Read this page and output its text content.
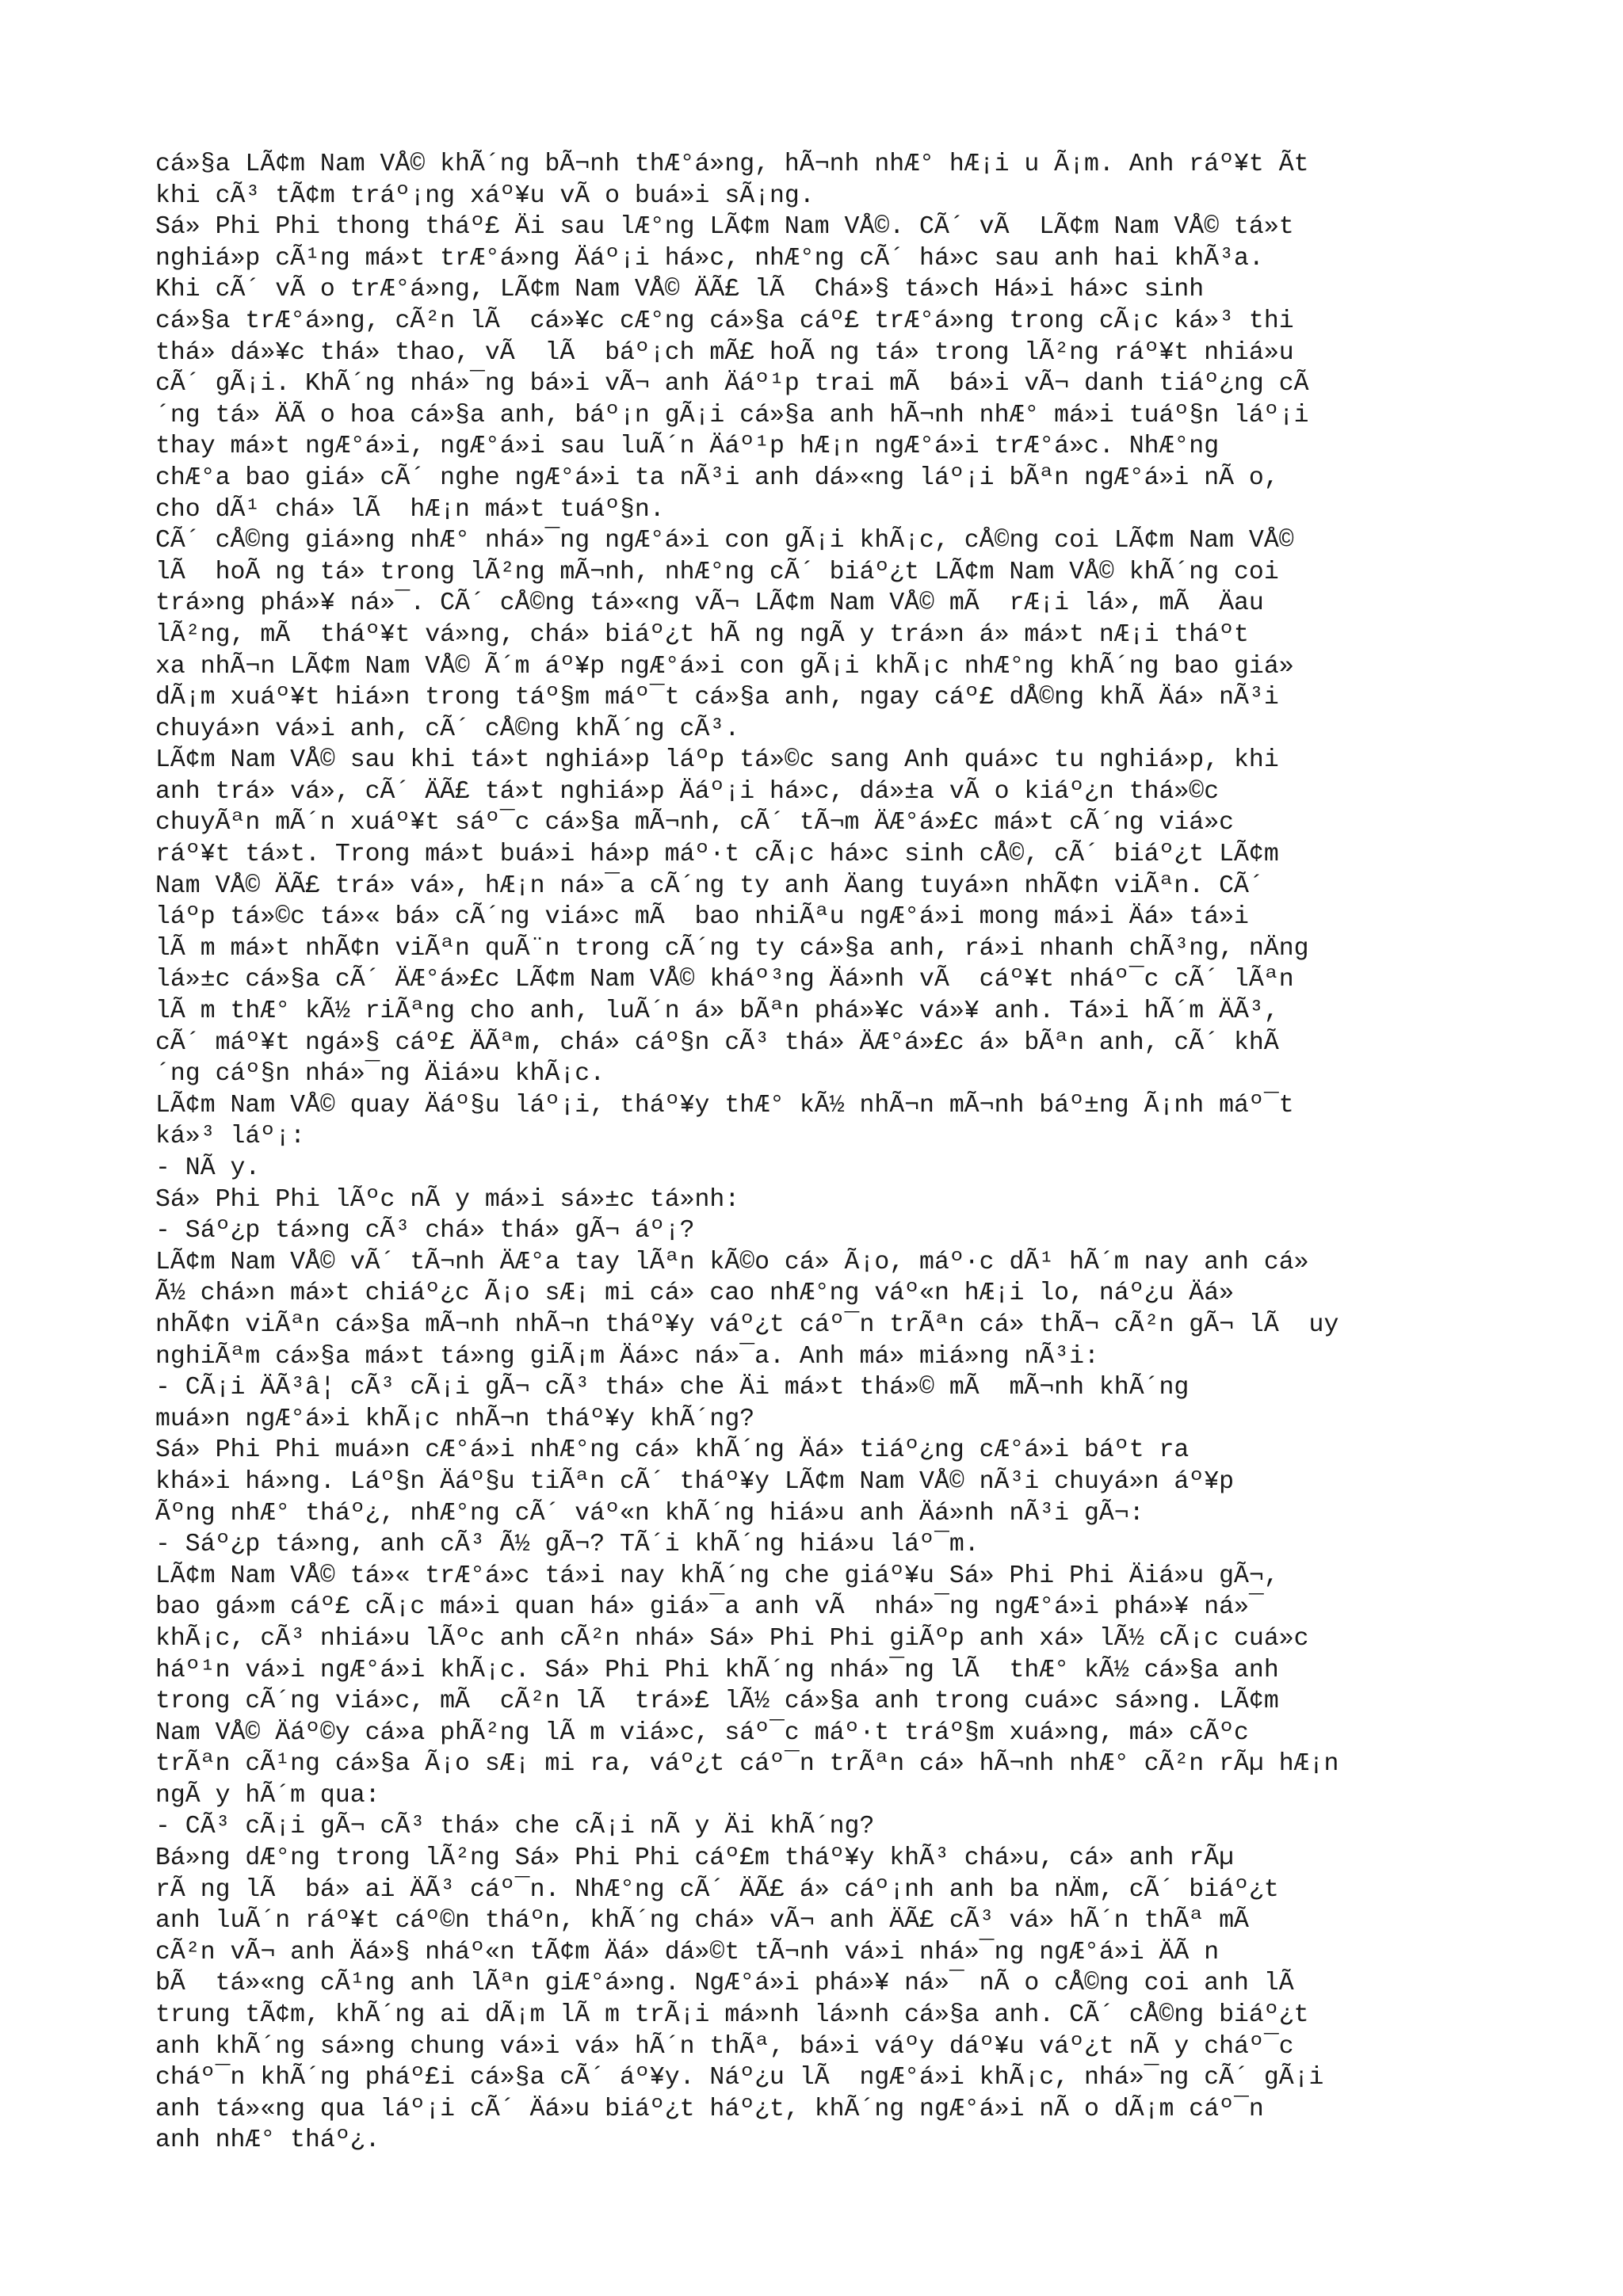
cá»§a LÃ¢m Nam VÅ© khÃ´ng bÃ¬nh thÆ°á»ng, hÃ¬nh nhÆ° hÆ¡i u Ã¡m. Anh ráº¥t Ãt
khi cÃ³ tÃ¢m tráº¡ng xáº¥u vÃ o buá»i sÃ¡ng.
Sá» Phi Phi thong tháº£ Äi sau lÆ°ng LÃ¢m Nam VÅ©. CÃ´ vÃ  LÃ¢m Nam VÅ© tá»t
nghiá»p cÃ¹ng má»t trÆ°á»ng Äáº¡i há»c, nhÆ°ng cÃ´ há»c sau anh hai khÃ³a.
Khi cÃ´ vÃ o trÆ°á»ng, LÃ¢m Nam VÅ© ÄÃ£ lÃ  Chá»§ tá»ch Há»i há»c sinh
cá»§a trÆ°á»ng, cÃ²n lÃ  cá»¥c cÆ°ng cá»§a cáº£ trÆ°á»ng trong cÃ¡c ká»³ thi
thá» dá»¥c thá» thao, vÃ  lÃ  báº¡ch mÃ£ hoÃ ng tá» trong lÃ²ng ráº¥t nhiá»u
cÃ´ gÃ¡i. KhÃ´ng nhá»¯ng bá»i vÃ¬ anh Äáº¹p trai mÃ  bá»i vÃ¬ danh tiáº¿ng cÃ
´ng tá» ÄÃ o hoa cá»§a anh, báº¡n gÃ¡i cá»§a anh hÃ¬nh nhÆ° má»i tuáº§n láº¡i
thay má»t ngÆ°á»i, ngÆ°á»i sau luÃ´n Äáº¹p hÆ¡n ngÆ°á»i trÆ°á»c. NhÆ°ng
chÆ°a bao giá» cÃ´ nghe ngÆ°á»i ta nÃ³i anh dá»«ng láº¡i bÃªn ngÆ°á»i nÃ o,
cho dÃ¹ chá» lÃ  hÆ¡n má»t tuáº§n.
CÃ´ cÅ©ng giá»ng nhÆ° nhá»¯ng ngÆ°á»i con gÃ¡i khÃ¡c, cÅ©ng coi LÃ¢m Nam VÅ©
lÃ  hoÃ ng tá» trong lÃ²ng mÃ¬nh, nhÆ°ng cÃ´ biáº¿t LÃ¢m Nam VÅ© khÃ´ng coi
trá»ng phá»¥ ná»¯. CÃ´ cÅ©ng tá»«ng vÃ¬ LÃ¢m Nam VÅ© mÃ  rÆ¡i lá», mÃ  Äau
lÃ²ng, mÃ  tháº¥t vá»ng, chá» biáº¿t hÃ ng ngÃ y trá»n á» má»t nÆ¡i tháºt
xa nhÃ¬n LÃ¢m Nam VÅ© Ã´m áº¥p ngÆ°á»i con gÃ¡i khÃ¡c nhÆ°ng khÃ´ng bao giá»
dÃ¡m xuáº¥t hiá»n trong táº§m máº¯t cá»§a anh, ngay cáº£ dÅ©ng khÃ Äá» nÃ³i
chuyá»n vá»i anh, cÃ´ cÅ©ng khÃ´ng cÃ³.
LÃ¢m Nam VÅ© sau khi tá»t nghiá»p láºp tá»©c sang Anh quá»c tu nghiá»p, khi
anh trá» vá», cÃ´ ÄÃ£ tá»t nghiá»p Äáº¡i há»c, dá»±a vÃ o kiáº¿n thá»©c
chuyÃªn mÃ´n xuáº¥t sáº¯c cá»§a mÃ¬nh, cÃ´ tÃ¬m ÄÆ°á»£c má»t cÃ´ng viá»c
ráº¥t tá»t. Trong má»t buá»i há»p máº·t cÃ¡c há»c sinh cÅ©, cÃ´ biáº¿t LÃ¢m
Nam VÅ© ÄÃ£ trá» vá», hÆ¡n ná»¯a cÃ´ng ty anh Äang tuyá»n nhÃ¢n viÃªn. CÃ´
láºp tá»©c tá»« bá» cÃ´ng viá»c mÃ  bao nhiÃªu ngÆ°á»i mong má»i Äá» tá»i
lÃ m má»t nhÃ¢n viÃªn quÃ¨n trong cÃ´ng ty cá»§a anh, rá»i nhanh chÃ³ng, nÄng
lá»±c cá»§a cÃ´ ÄÆ°á»£c LÃ¢m Nam VÅ© kháº³ng Äá»nh vÃ  cáº¥t nháº¯c cÃ´ lÃªn
lÃ m thÆ° kÃ½ riÃªng cho anh, luÃ´n á» bÃªn phá»¥c vá»¥ anh. Tá»i hÃ´m ÄÃ³,
cÃ´ máº¥t ngá»§ cáº£ ÄÃªm, chá» cáº§n cÃ³ thá» ÄÆ°á»£c á» bÃªn anh, cÃ´ khÃ
´ng cáº§n nhá»¯ng Äiá»u khÃ¡c.
LÃ¢m Nam VÅ© quay Äáº§u láº¡i, tháº¥y thÆ° kÃ½ nhÃ¬n mÃ¬nh báº±ng Ã¡nh máº¯t
ká»³ láº¡:
- NÃ y.
Sá» Phi Phi lÃºc nÃ y má»i sá»±c tá»nh:
- Sáº¿p tá»ng cÃ³ chá» thá» gÃ¬ áº¡?
LÃ¢m Nam VÅ© vÃ´ tÃ¬nh ÄÆ°a tay lÃªn kÃ©o cá» Ã¡o, máº·c dÃ¹ hÃ´m nay anh cá»
Ã½ chá»n má»t chiáº¿c Ã¡o sÆ¡ mi cá» cao nhÆ°ng váº«n hÆ¡i lo, náº¿u Äá»
nhÃ¢n viÃªn cá»§a mÃ¬nh nhÃ¬n tháº¥y váº¿t cáº¯n trÃªn cá» thÃ¬ cÃ²n gÃ¬ lÃ  uy
nghiÃªm cá»§a má»t tá»ng giÃ¡m Äá»c ná»¯a. Anh má» miá»ng nÃ³i:
- CÃ¡i ÄÃ³â¦ cÃ³ cÃ¡i gÃ¬ cÃ³ thá» che Äi má»t thá»© mÃ  mÃ¬nh khÃ´ng
muá»n ngÆ°á»i khÃ¡c nhÃ¬n tháº¥y khÃ´ng?
Sá» Phi Phi muá»n cÆ°á»i nhÆ°ng cá» khÃ´ng Äá» tiáº¿ng cÆ°á»i báºt ra
khá»i há»ng. Láº§n Äáº§u tiÃªn cÃ´ tháº¥y LÃ¢m Nam VÅ© nÃ³i chuyá»n áº¥p
Ãºng nhÆ° tháº¿, nhÆ°ng cÃ´ váº«n khÃ´ng hiá»u anh Äá»nh nÃ³i gÃ¬:
- Sáº¿p tá»ng, anh cÃ³ Ã½ gÃ¬? TÃ´i khÃ´ng hiá»u láº¯m.
LÃ¢m Nam VÅ© tá»« trÆ°á»c tá»i nay khÃ´ng che giáº¥u Sá» Phi Phi Äiá»u gÃ¬,
bao gá»m cáº£ cÃ¡c má»i quan há» giá»¯a anh vÃ  nhá»¯ng ngÆ°á»i phá»¥ ná»¯
khÃ¡c, cÃ³ nhiá»u lÃºc anh cÃ²n nhá» Sá» Phi Phi giÃºp anh xá» lÃ½ cÃ¡c cuá»c
háº¹n vá»i ngÆ°á»i khÃ¡c. Sá» Phi Phi khÃ´ng nhá»¯ng lÃ  thÆ° kÃ½ cá»§a anh
trong cÃ´ng viá»c, mÃ  cÃ²n lÃ  trá»£ lÃ½ cá»§a anh trong cuá»c sá»ng. LÃ¢m
Nam VÅ© Äáº©y cá»a phÃ²ng lÃ m viá»c, sáº¯c máº·t tráº§m xuá»ng, má» cÃºc
trÃªn cÃ¹ng cá»§a Ã¡o sÆ¡ mi ra, váº¿t cáº¯n trÃªn cá» hÃ¬nh nhÆ° cÃ²n rÃµ hÆ¡n
ngÃ y hÃ´m qua:
- CÃ³ cÃ¡i gÃ¬ cÃ³ thá» che cÃ¡i nÃ y Äi khÃ´ng?
Bá»ng dÆ°ng trong lÃ²ng Sá» Phi Phi cáº£m tháº¥y khÃ³ chá»u, cá» anh rÃµ
rÃ ng lÃ  bá» ai ÄÃ³ cáº¯n. NhÆ°ng cÃ´ ÄÃ£ á» cáº¡nh anh ba nÄm, cÃ´ biáº¿t
anh luÃ´n ráº¥t cáº©n tháºn, khÃ´ng chá» vÃ¬ anh ÄÃ£ cÃ³ vá» hÃ´n thÃª mÃ
cÃ²n vÃ¬ anh Äá»§ nháº«n tÃ¢m Äá» dá»©t tÃ¬nh vá»i nhá»¯ng ngÆ°á»i ÄÃ n
bÃ  tá»«ng cÃ¹ng anh lÃªn giÆ°á»ng. NgÆ°á»i phá»¥ ná»¯ nÃ o cÅ©ng coi anh lÃ
trung tÃ¢m, khÃ´ng ai dÃ¡m lÃ m trÃ¡i má»nh lá»nh cá»§a anh. CÃ´ cÅ©ng biáº¿t
anh khÃ´ng sá»ng chung vá»i vá» hÃ´n thÃª, bá»i váºy dáº¥u váº¿t nÃ y cháº¯c
cháº¯n khÃ´ng pháº£i cá»§a cÃ´ áº¥y. Náº¿u lÃ  ngÆ°á»i khÃ¡c, nhá»¯ng cÃ´ gÃ¡i
anh tá»«ng qua láº¡i cÃ´ Äá»u biáº¿t háº¿t, khÃ´ng ngÆ°á»i nÃ o dÃ¡m cáº¯n
anh nhÆ° tháº¿.
